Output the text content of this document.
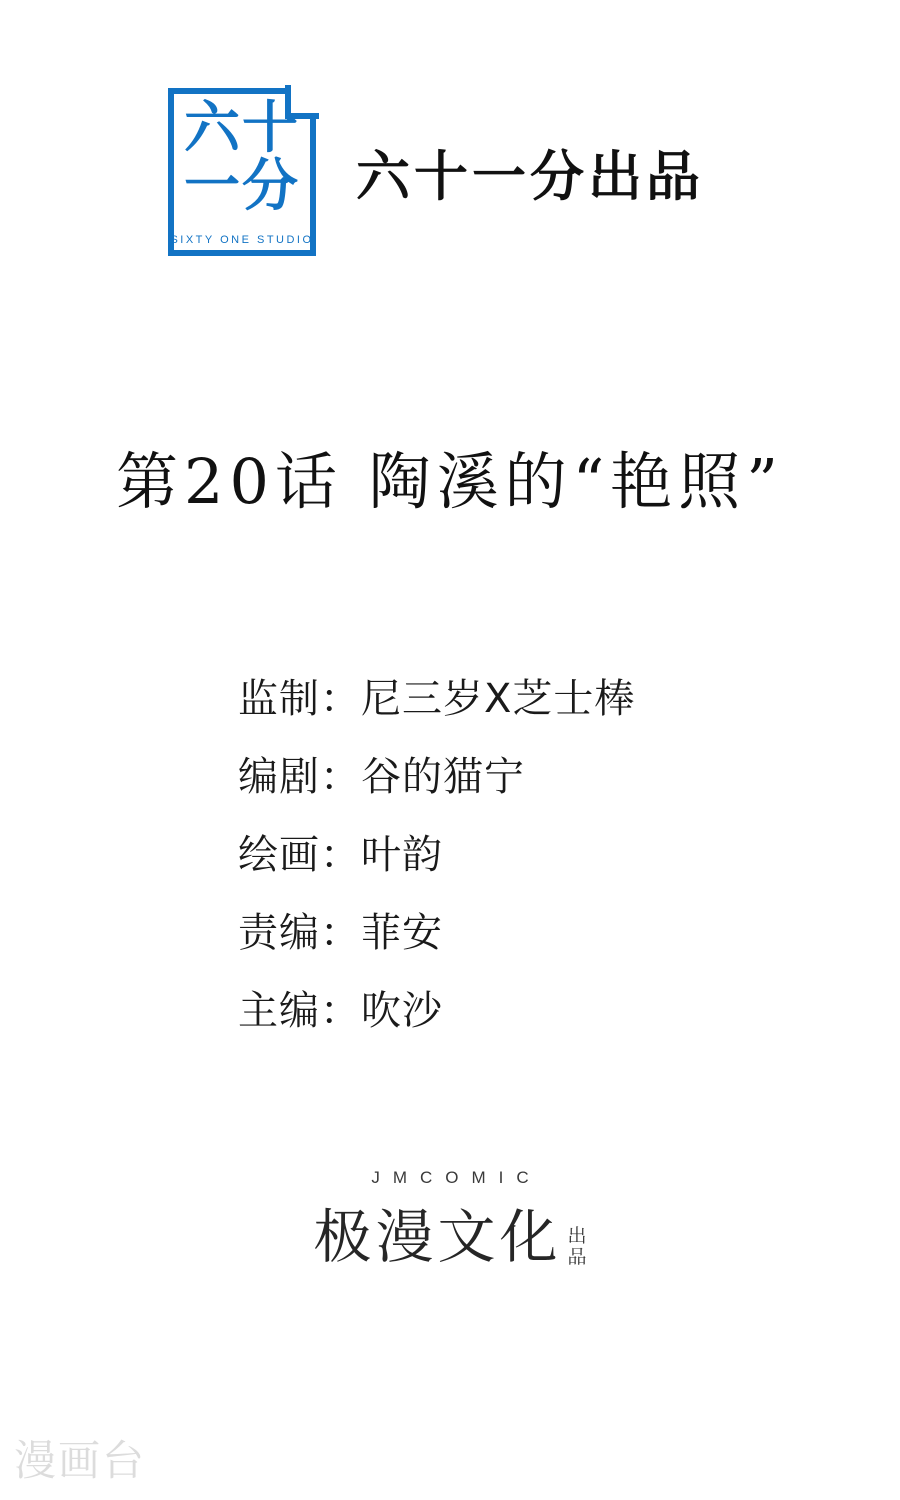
六十
一分
SIXTY ONE STUDIO
六十一分出品
第20话 陶溪的“艳照”
监制：尼三岁X芝士棒
编剧：谷的猫宁
绘画：叶韵
责编：菲安
主编：吹沙
JMCOMIC
极漫文化 出
品
漫画台
